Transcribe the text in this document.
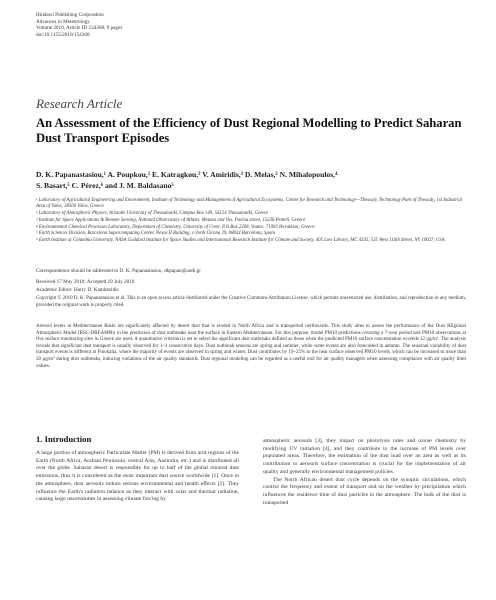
Hindawi Publishing Corporation
Advances in Meteorology
Volume 2010, Article ID 154368, 9 pages
doi:10.1155/2010/154368
Research Article
An Assessment of the Efficiency of Dust Regional Modelling to Predict Saharan Dust Transport Episodes
D. K. Papanastasiou,¹ A. Poupkou,² E. Katragkou,² V. Amiridis,³ D. Melas,² N. Mihalopoulos,⁴
S. Basart,⁵ C. Pérez,⁶ and J. M. Baldasano⁵
¹ Laboratory of Agricultural Engineering and Environment, Institute of Technology and Management of Agricultural Ecosystems, Centre for Research and Technology—Thessaly, Technology Park of Thessaly, 1st Industrial Area of Volos, 38500 Volos, Greece
² Laboratory of Atmospheric Physics, Aristotle University of Thessaloniki, Campus Box 149, 54124 Thessaloniki, Greece
³ Institute for Space Applications & Remote Sensing, National Observatory of Athens, Metaxa and Vas. Pavlou street, 15236 Penteli, Greece
⁴ Environmental Chemical Processes Laboratory, Department of Chemistry, University of Crete, P.O.Box 2208, Voutes, 71003 Heraklion, Greece
⁵ Earth Sciences Division, Barcelona Supercomputing Center, Nexus II Building, c/Jordi Girona 29, 08034 Barcelona, Spain
⁶ Earth Institute at Columbia University, NASA Goddard Institute for Space Studies and International Research Institute for Climate and Society, 405 Low Library, MC 4335, 535 West 116th Street, NY 10027, USA
Correspondence should be addressed to D. K. Papanastasiou, dkpapan@auth.gr
Received 17 May 2010; Accepted 19 July 2010
Academic Editor: Harry D. Kambezidis
Copyright © 2010 D. K. Papanastasiou et al. This is an open access article distributed under the Creative Commons Attribution License, which permits unrestricted use, distribution, and reproduction in any medium, provided the original work is properly cited.
Aerosol levels at Mediterranean Basin are significantly affected by desert dust that is eroded in North Africa and is transported northwards. This study aims to assess the performance of the Dust REgional Atmospheric Model (BSC-DREAM8b) in the prediction of dust outbreaks near the surface in Eastern Mediterranean. For this purpose, model PM10 predictions covering a 7-year period and PM10 observations at five surface monitoring sites in Greece are used. A quantitative criterion is set to select the significant dust outbreaks defined as those when the predicted PM10 surface concentration exceeds 12 μg/m³. The analysis reveals that significant dust transport is usually observed for 1–3 consecutive days. Dust outbreak seasons are spring and summer, while some events are also forecasted in autumn. The seasonal variability of dust transport events is different at Finokalia, where the majority of events are observed in spring and winter. Dust contributes by 19–25% to the near surface observed PM10 levels, which can be increased to more than 50 μg/m³ during dust outbreaks, inducing violations of the air quality standards. Dust regional modeling can be regarded as a useful tool for air quality managers when assessing compliance with air quality limit values.
1. Introduction

A large portion of atmospheric Particulate Matter (PM) is derived from arid regions of the Earth (North Africa, Arabian Peninsula, central Asia, Australia, etc.) and is distributed all over the globe. Saharan desert is responsible for up to half of the global mineral dust emissions, thus it is considered as the most important dust source worldwide [1]. Once in the atmosphere, dust aerosols induce serious environmental and health effects [2]. They influence the Earth's radiation balance as they interact with solar and thermal radiation, causing large uncertainties in assessing climate forcing by

atmospheric aerosols [3], they impact on photolysis rates and ozone chemistry by modifying UV radiation [4], and they contribute to the increase of PM levels over populated areas. Therefore, the estimation of the dust load over an area as well as its contribution to aerosols surface concentration is crucial for the implementation of air quality and generally environmental management policies.

The North African desert dust cycle depends on the synoptic circulations, which control the frequency and extent of transport and on the weather by precipitation which influences the residence time of dust particles in the atmosphere. The bulk of the dust is transported
